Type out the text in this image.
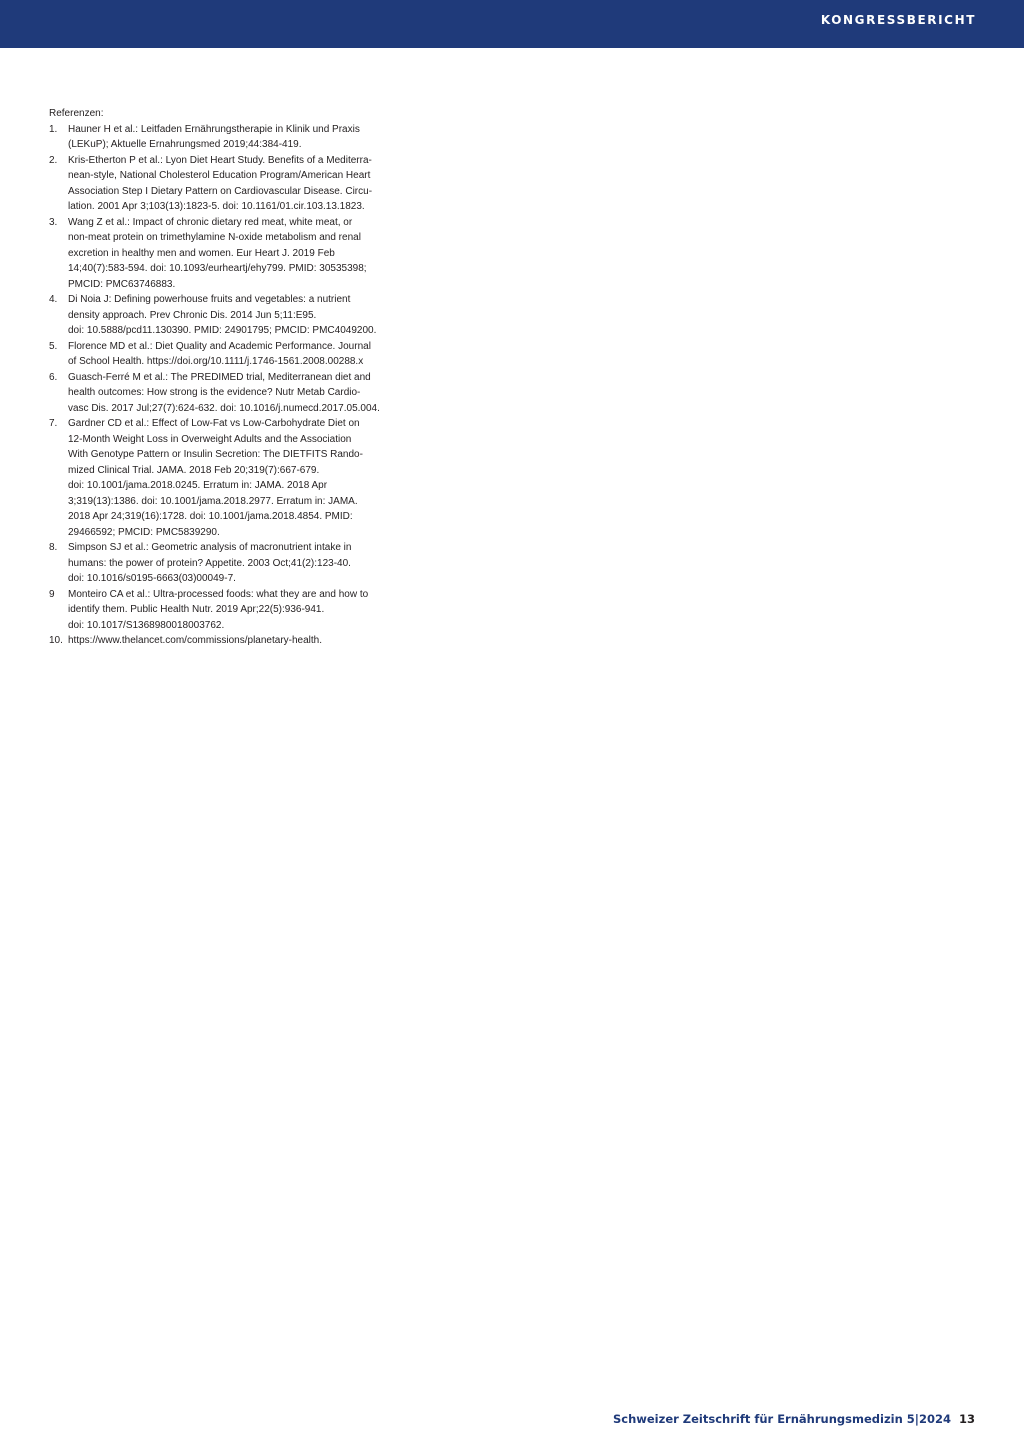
KONGRESSBERICHT

Referenzen:

1.	Hauner H et al.: Leitfaden Ernährungstherapie in Klinik und Praxis
(LEKuP); Aktuelle Ernahrungsmed 2019;44:384-419.
2.	Kris-Etherton P et al.: Lyon Diet Heart Study. Benefits of a Mediterra-
nean-style, National Cholesterol Education Program/American Heart
Association Step I Dietary Pattern on Cardiovascular Disease. Circu-
lation. 2001 Apr 3;103(13):1823-5. doi: 10.1161/01.cir.103.13.1823.
3.	Wang Z et al.: Impact of chronic dietary red meat, white meat, or
non-meat protein on trimethylamine N-oxide metabolism and renal
excretion in healthy men and women. Eur Heart J. 2019 Feb
14;40(7):583-594. doi: 10.1093/eurheartj/ehy799. PMID: 30535398;
PMCID: PMC63746883.
4.	Di Noia J: Defining powerhouse fruits and vegetables: a nutrient
density approach. Prev Chronic Dis. 2014 Jun 5;11:E95.
doi: 10.5888/pcd11.130390. PMID: 24901795; PMCID: PMC4049200.
5.	Florence MD et al.: Diet Quality and Academic Performance. Journal
of School Health. https://doi.org/10.1111/j.1746-1561.2008.00288.x
6.	Guasch-Ferré M et al.: The PREDIMED trial, Mediterranean diet and
health outcomes: How strong is the evidence? Nutr Metab Cardio-
vasc Dis. 2017 Jul;27(7):624-632. doi: 10.1016/j.numecd.2017.05.004.
7.	Gardner CD et al.: Effect of Low-Fat vs Low-Carbohydrate Diet on
12-Month Weight Loss in Overweight Adults and the Association
With Genotype Pattern or Insulin Secretion: The DIETFITS Rando-
mized Clinical Trial. JAMA. 2018 Feb 20;319(7):667-679.
doi: 10.1001/jama.2018.0245. Erratum in: JAMA. 2018 Apr
3;319(13):1386. doi: 10.1001/jama.2018.2977. Erratum in: JAMA.
2018 Apr 24;319(16):1728. doi: 10.1001/jama.2018.4854. PMID:
29466592; PMCID: PMC5839290.
8.	Simpson SJ et al.: Geometric analysis of macronutrient intake in
humans: the power of protein? Appetite. 2003 Oct;41(2):123-40.
doi: 10.1016/s0195-6663(03)00049-7.
9	Monteiro CA et al.: Ultra-processed foods: what they are and how to
identify them. Public Health Nutr. 2019 Apr;22(5):936-941.
doi: 10.1017/S1368980018003762.
10. https://www.thelancet.com/commissions/planetary-health.
Schweizer Zeitschrift für Ernährungsmedizin 5|2024 13
